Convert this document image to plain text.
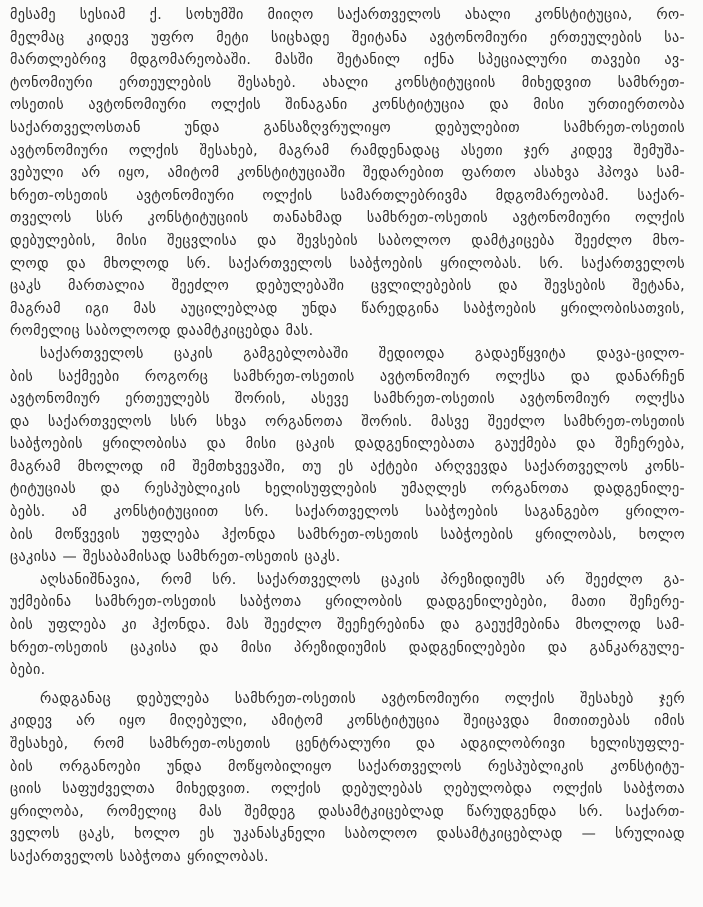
მესამე სესიამ ქ. სოხუმში მიიღო საქართველოს ახალი კონსტიტუცია, რო-
მელმაც კიდევ უფრო მეტი სიცხადე შეიტანა ავტონომიური ერთეულების სა-
მართლებრივ მდგომარეობაში. მასში შეტანილ იქნა სპეციალური თავები ავ-
ტონომიური ერთეულების შესახებ. ახალი კონსტიტუციის მიხედვით სამხრეთ-
ოსეთის ავტონომიური ოლქის შინაგანი კონსტიტუცია და მისი ურთიერთობა
საქართველოსთან უნდა განსაზღვრულიყო დებულებით სამხრეთ-ოსეთის
ავტონომიური ოლქის შესახებ, მაგრამ რამდენადაც ასეთი ჯერ კიდევ შემუშა-
ვებული არ იყო, ამიტომ კონსტიტუციაში შედარებით ფართო ასახვა ჰპოვა სამ-
ხრეთ-ოსეთის ავტონომიური ოლქის სამართლებრივმა მდგომარეობამ. საქარ-
თველოს სსრ კონსტიტუციის თანახმად სამხრეთ-ოსეთის ავტონომიური ოლქის
დებულების, მისი შეცვლისა და შევსების საბოლოო დამტკიცება შეეძლო მხო-
ლოდ და მხოლოდ სრ. საქართველოს საბჭოების ყრილობას. სრ. საქართველოს
ცაკს მართალია შეეძლო დებულებაში ცვლილებების და შევსების შეტანა,
მაგრამ იგი მას აუცილებლად უნდა წარედგინა საბჭოების ყრილობისათვის,
რომელიც საბოლოოდ დაამტკიცებდა მას.
საქართველოს ცაკის გამგებლობაში შედიოდა გადაეწყვიტა დავა-ცილო-
ბის საქმეები როგორც სამხრეთ-ოსეთის ავტონომიურ ოლქსა და დანარჩენ
ავტონომიურ ერთეულებს შორის, ასევე სამხრეთ-ოსეთის ავტონომიურ ოლქსა
და საქართველოს სსრ სხვა ორგანოთა შორის. მასვე შეეძლო სამხრეთ-ოსეთის
საბჭოების ყრილობისა და მისი ცაკის დადგენილებათა გაუქმება და შეჩერება,
მაგრამ მხოლოდ იმ შემთხვევაში, თუ ეს აქტები არღვევდა საქართველოს კონს-
ტიტუციას და რესპუბლიკის ხელისუფლების უმაღლეს ორგანოთა დადგენილე-
ბებს. ამ კონსტიტუციით სრ. საქართველოს საბჭოების საგანგებო ყრილო-
ბის მოწვევის უფლება ჰქონდა სამხრეთ-ოსეთის საბჭოების ყრილობას, ხოლო
ცაკისა — შესაბამისად სამხრეთ-ოსეთის ცაკს.
აღსანიშნავია, რომ სრ. საქართველოს ცაკის პრეზიდიუმს არ შეეძლო გა-
უქმებინა სამხრეთ-ოსეთის საბჭოთა ყრილობის დადგენილებები, მათი შეჩერე-
ბის უფლება კი ჰქონდა. მას შეეძლო შეეჩერებინა და გაეუქმებინა მხოლოდ სამ-
ხრეთ-ოსეთის ცაკისა და მისი პრეზიდიუმის დადგენილებები და განკარგულე-
ბები.
რადგანაც დებულება სამხრეთ-ოსეთის ავტონომიური ოლქის შესახებ ჯერ
კიდევ არ იყო მიღებული, ამიტომ კონსტიტუცია შეიცავდა მითითებას იმის
შესახებ, რომ სამხრეთ-ოსეთის ცენტრალური და ადგილობრივი ხელისუფლე-
ბის ორგანოები უნდა მოწყობილიყო საქართველოს რესპუბლიკის კონსტიტუ-
ციის საფუძველთა მიხედვით. ოლქის დებულებას ღებულობდა ოლქის საბჭოთა
ყრილობა, რომელიც მას შემდეგ დასამტკიცებლად წარუდგენდა სრ. საქართ-
ველოს ცაკს, ხოლო ეს უკანასკნელი საბოლოო დასამტკიცებლად — სრულიად
საქართველოს საბჭოთა ყრილობას.
